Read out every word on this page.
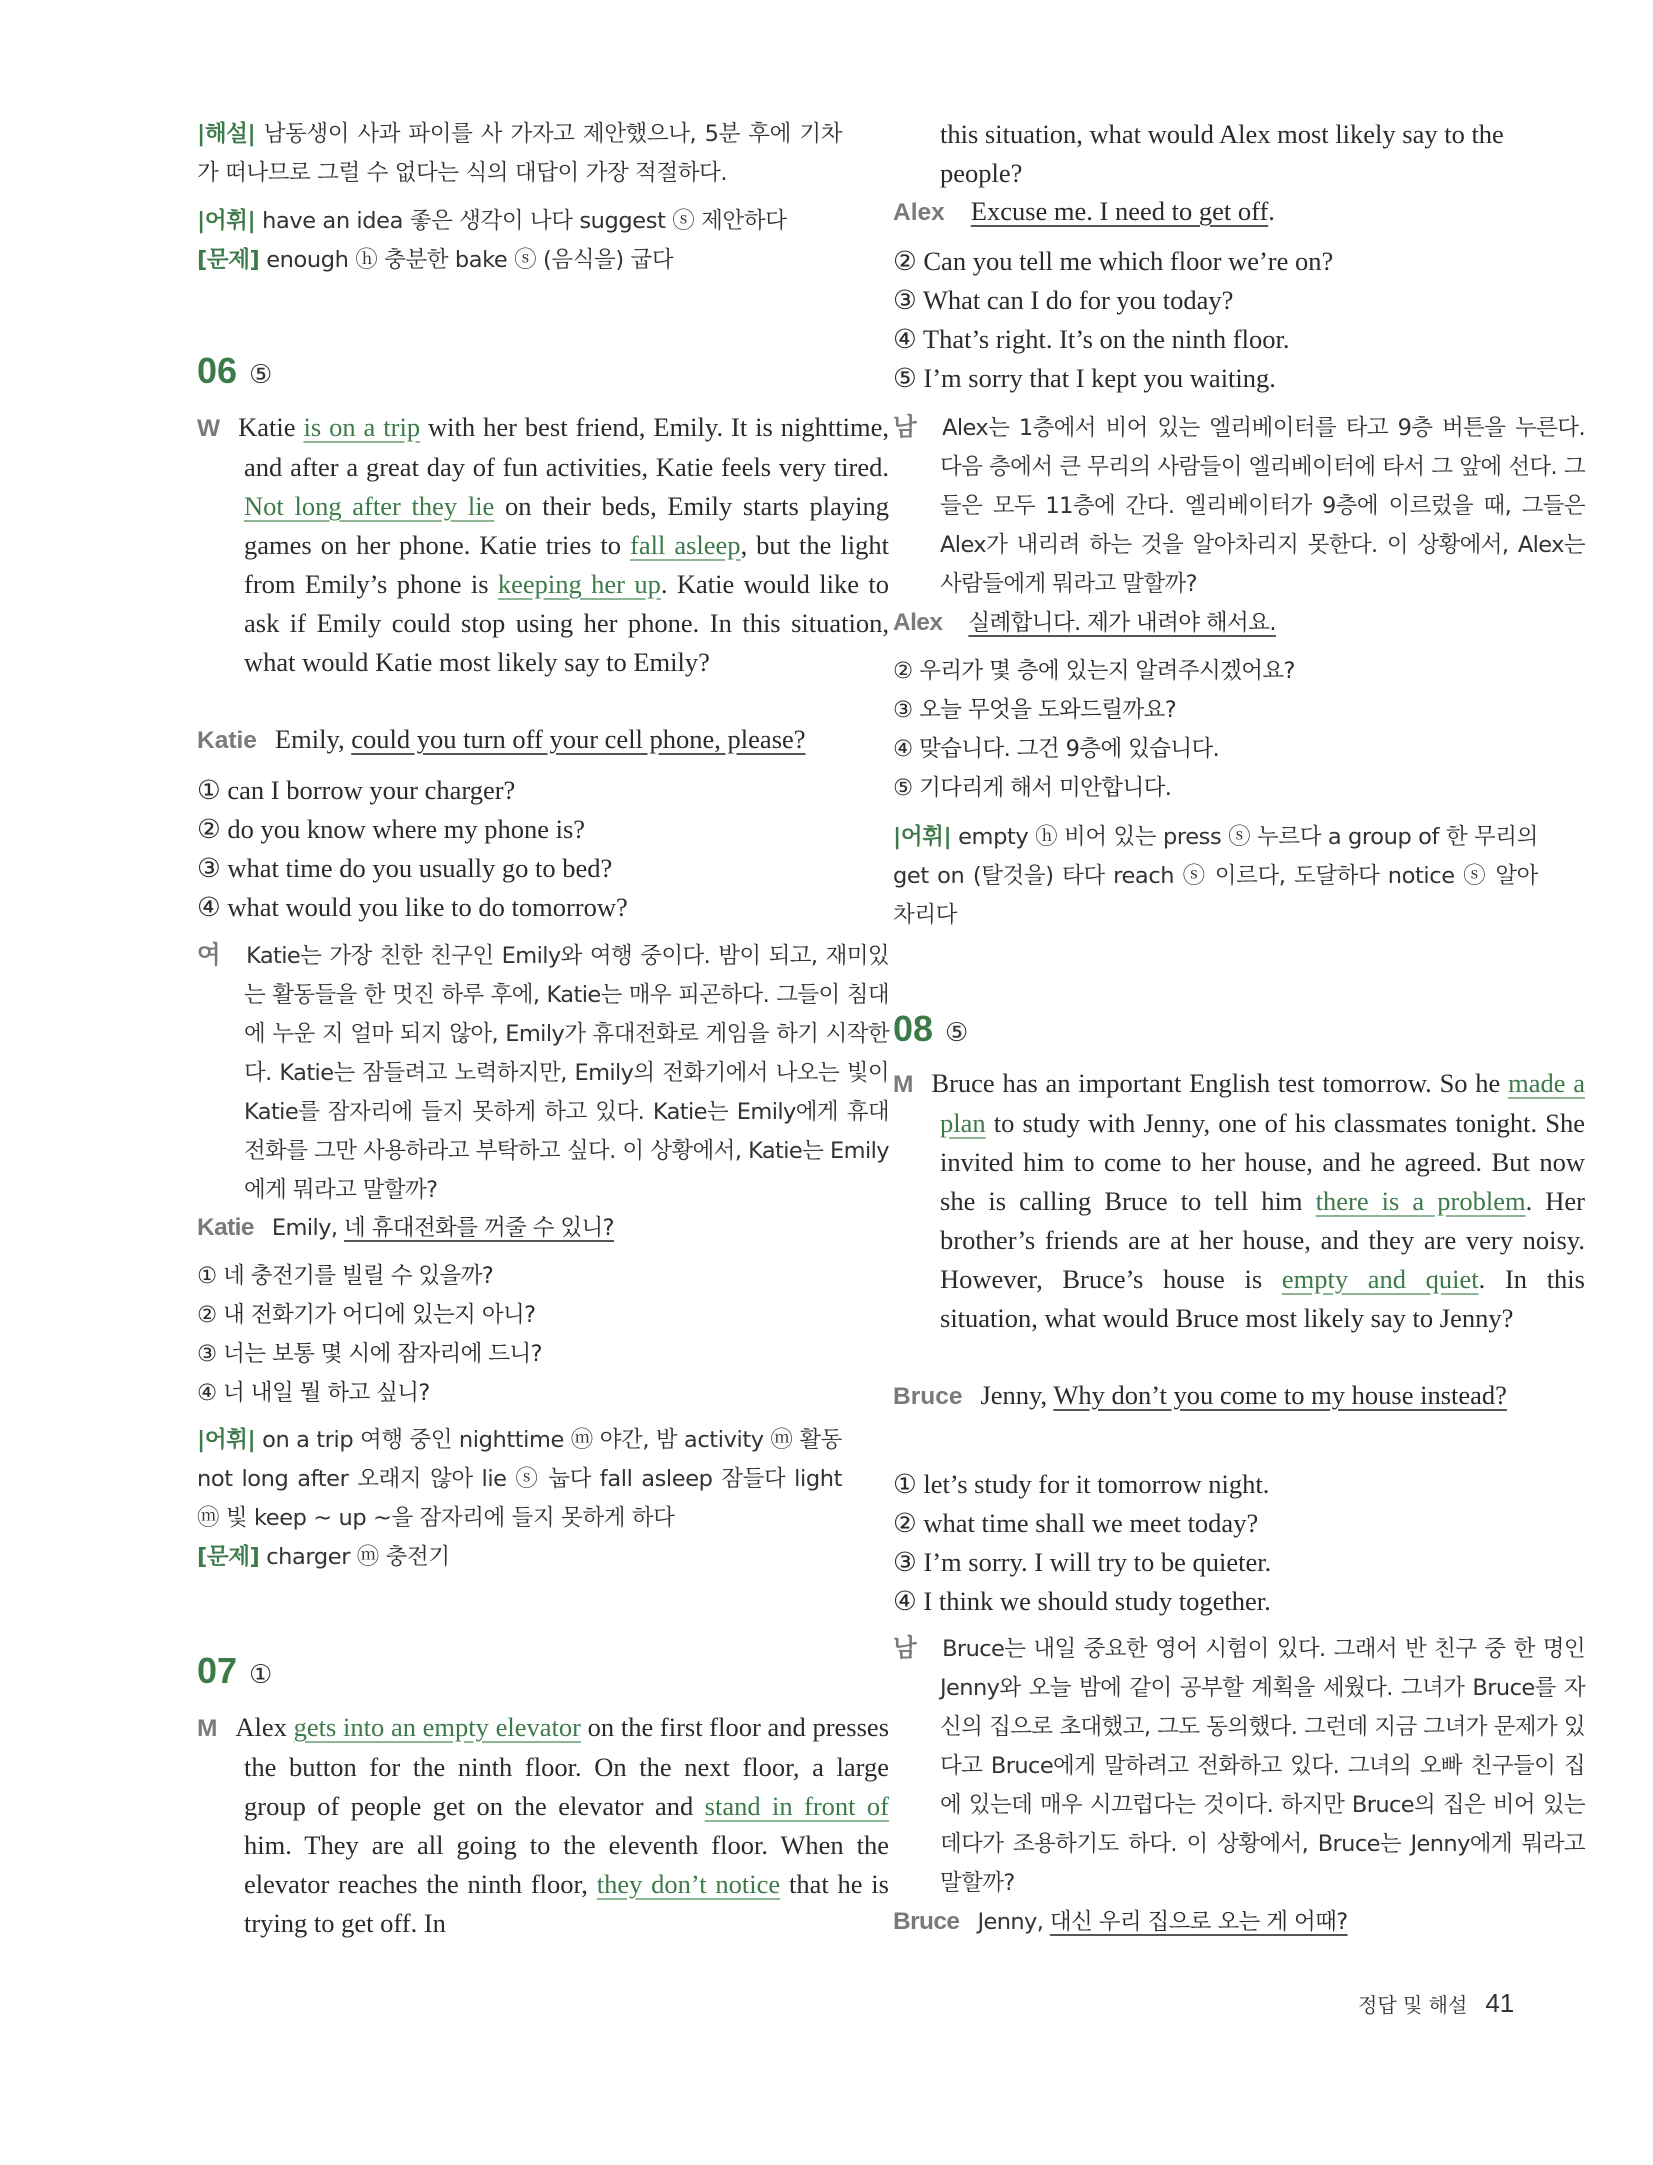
|해설| 남동생이 사과 파이를 사 가자고 제안했으나, 5분 후에 기차가 떠나므로 그럴 수 없다는 식의 대답이 가장 적절하다.
|어휘| have an idea 좋은 생각이 나다 suggest ⓢ 제안하다
[문제] enough ⓗ 충분한 bake ⓢ (음식을) 굽다
06 ⑤
W Katie is on a trip with her best friend, Emily. It is nighttime, and after a great day of fun activities, Katie feels very tired. Not long after they lie on their beds, Emily starts playing games on her phone. Katie tries to fall asleep, but the light from Emily’s phone is keeping her up. Katie would like to ask if Emily could stop using her phone. In this situation, what would Katie most likely say to Emily?
Katie Emily, could you turn off your cell phone, please?
① can I borrow your charger?
② do you know where my phone is?
③ what time do you usually go to bed?
④ what would you like to do tomorrow?
여 Katie는 가장 친한 친구인 Emily와 여행 중이다. 밤이 되고, 재미있는 활동들을 한 멋진 하루 후에, Katie는 매우 피곤하다. 그들이 침대에 누운 지 얼마 되지 않아, Emily가 휴대전화로 게임을 하기 시작한다. Katie는 잠들려고 노력하지만, Emily의 전화기에서 나오는 빛이 Katie를 잠자리에 들지 못하게 하고 있다. Katie는 Emily에게 휴대전화를 그만 사용하라고 부탁하고 싶다. 이 상황에서, Katie는 Emily에게 뭐라고 말할까?
Katie Emily, 네 휴대전화를 꺼줄 수 있니?
① 네 충전기를 빌릴 수 있을까?
② 내 전화기가 어디에 있는지 아니?
③ 너는 보통 몇 시에 잠자리에 드니?
④ 너 내일 뭘 하고 싶니?
|어휘| on a trip 여행 중인 nighttime ⓜ 야간, 밤 activity ⓜ 활동 not long after 오래지 않아 lie ⓢ 눕다 fall asleep 잠들다 light ⓜ 빛 keep ~ up ~을 잠자리에 들지 못하게 하다
[문제] charger ⓜ 충전기
07 ①
M Alex gets into an empty elevator on the first floor and presses the button for the ninth floor. On the next floor, a large group of people get on the elevator and stand in front of him. They are all going to the eleventh floor. When the elevator reaches the ninth floor, they don’t notice that he is trying to get off. In
this situation, what would Alex most likely say to the people?
Alex Excuse me. I need to get off.
② Can you tell me which floor we’re on?
③ What can I do for you today?
④ That’s right. It’s on the ninth floor.
⑤ I’m sorry that I kept you waiting.
남 Alex는 1층에서 비어 있는 엘리베이터를 타고 9층 버튼을 누른다. 다음 층에서 큰 무리의 사람들이 엘리베이터에 타서 그 앞에 선다. 그들은 모두 11층에 간다. 엘리베이터가 9층에 이르렀을 때, 그들은 Alex가 내리려 하는 것을 알아차리지 못한다. 이 상황에서, Alex는 사람들에게 뭐라고 말할까?
Alex 실례합니다. 제가 내려야 해서요.
② 우리가 몇 층에 있는지 알려주시겠어요?
③ 오늘 무엇을 도와드릴까요?
④ 맞습니다. 그건 9층에 있습니다.
⑤ 기다리게 해서 미안합니다.
|어휘| empty ⓗ 비어 있는 press ⓢ 누르다 a group of 한 무리의 get on (탈것을) 타다 reach ⓢ 이르다, 도달하다 notice ⓢ 알아차리다
08 ⑤
M Bruce has an important English test tomorrow. So he made a plan to study with Jenny, one of his classmates tonight. She invited him to come to her house, and he agreed. But now she is calling Bruce to tell him there is a problem. Her brother’s friends are at her house, and they are very noisy. However, Bruce’s house is empty and quiet. In this situation, what would Bruce most likely say to Jenny?
Bruce Jenny, Why don’t you come to my house instead?
① let’s study for it tomorrow night.
② what time shall we meet today?
③ I’m sorry. I will try to be quieter.
④ I think we should study together.
남 Bruce는 내일 중요한 영어 시험이 있다. 그래서 반 친구 중 한 명인 Jenny와 오늘 밤에 같이 공부할 계획을 세웠다. 그녀가 Bruce를 자신의 집으로 초대했고, 그도 동의했다. 그런데 지금 그녀가 문제가 있다고 Bruce에게 말하려고 전화하고 있다. 그녀의 오빠 친구들이 집에 있는데 매우 시끄럽다는 것이다. 하지만 Bruce의 집은 비어 있는데다가 조용하기도 하다. 이 상황에서, Bruce는 Jenny에게 뭐라고 말할까?
Bruce Jenny, 대신 우리 집으로 오는 게 어때?
정답 및 해설 41
